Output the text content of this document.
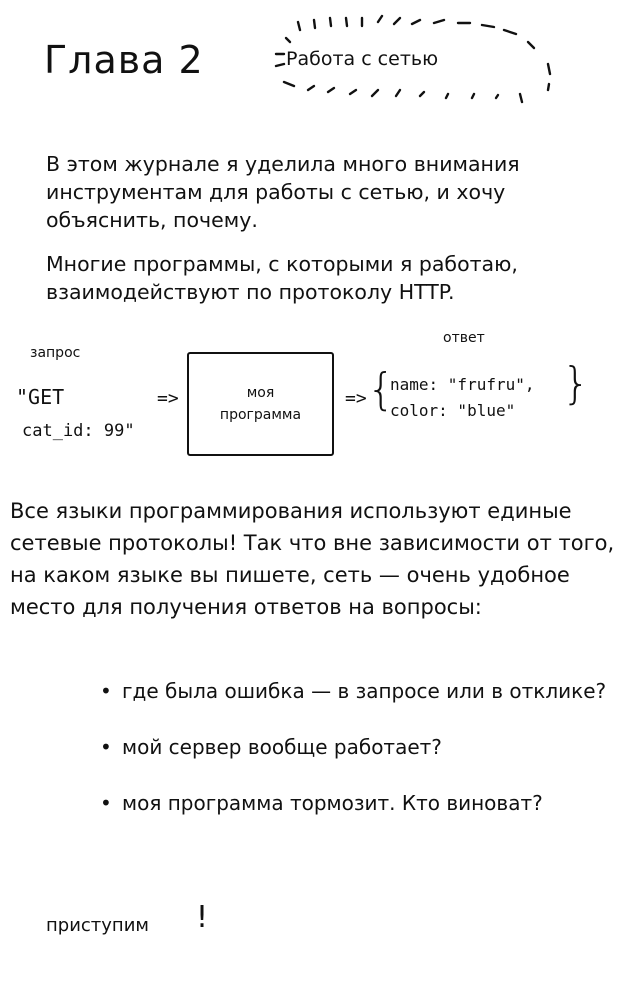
Глава 2	Работа с сетью
В этом журнале я уделила много внимания инструментам для работы с сетью, и хочу объяснить, почему.
Многие программы, с которыми я работаю, взаимодействуют по протоколу HTTP.
запрос
"GET
cat_id: 99"
=>	моя
программа
=>
ответ
{
name: "frufru",
color: "blue"
}
Все языки программирования используют единые сетевые протоколы! Так что вне зависимости от того, на каком языке вы пишете, сеть — очень удобное место для получения ответов на вопросы:
• где была ошибка — в запросе или в отклике?
• мой сервер вообще работает?
• моя программа тормозит. Кто виноват?
приступим !
